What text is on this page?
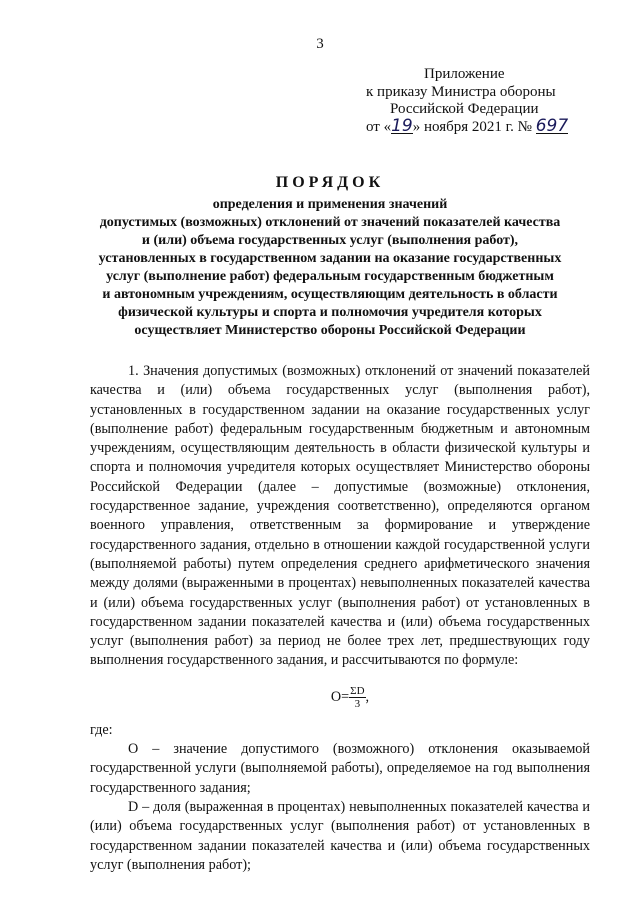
3
Приложение
к приказу Министра обороны
Российской Федерации
от «19» ноября 2021 г. № 697
ПОРЯДОК
определения и применения значений
допустимых (возможных) отклонений от значений показателей качества
и (или) объема государственных услуг (выполнения работ),
установленных в государственном задании на оказание государственных
услуг (выполнение работ) федеральным государственным бюджетным
и автономным учреждениям, осуществляющим деятельность в области
физической культуры и спорта и полномочия учредителя которых
осуществляет Министерство обороны Российской Федерации

1. Значения допустимых (возможных) отклонений от значений показателей качества и (или) объема государственных услуг (выполнения работ), установленных в государственном задании на оказание государственных услуг (выполнение работ) федеральным государственным бюджетным и автономным учреждениям, осуществляющим деятельность в области физической культуры и спорта и полномочия учредителя которых осуществляет Министерство обороны Российской Федерации (далее – допустимые (возможные) отклонения, государственное задание, учреждения соответственно), определяются органом военного управления, ответственным за формирование и утверждение государственного задания, отдельно в отношении каждой государственной услуги (выполняемой работы) путем определения среднего арифметического значения между долями (выраженными в процентах) невыполненных показателей качества и (или) объема государственных услуг (выполнения работ) от установленных в государственном задании показателей качества и (или) объема государственных услуг (выполнения работ) за период не более трех лет, предшествующих году выполнения государственного задания, и рассчитываются по формуле:

$O= \frac{\Sigma D}{3}$ ,

где:

О – значение допустимого (возможного) отклонения оказываемой государственной услуги (выполняемой работы), определяемое на год выполнения государственного задания;

D – доля (выраженная в процентах) невыполненных показателей качества и (или) объема государственных услуг (выполнения работ) от установленных в государственном задании показателей качества и (или) объема государственных услуг (выполнения работ);
